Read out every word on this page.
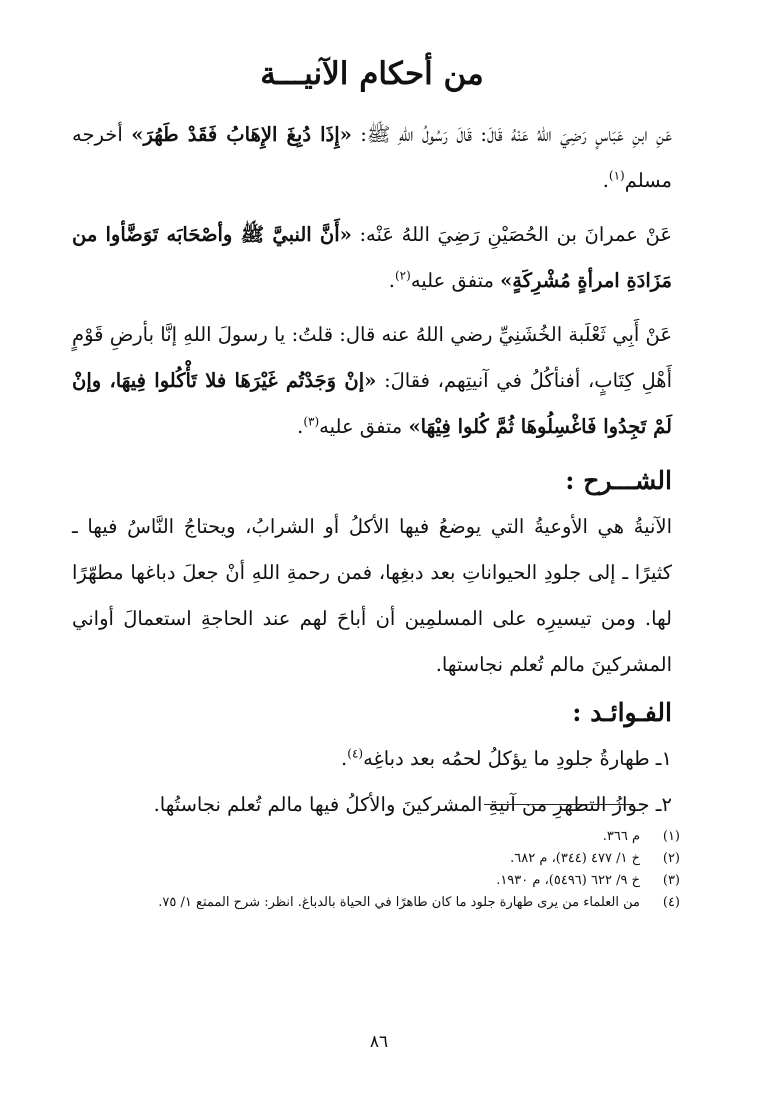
من أحكام الآنيـــة

عَنِ ابنِ عَبَاسٍ رَضِيَ اللهُ عَنْهُ قَالَ: قَالَ رَسُولُ اللهِ ﷺ: «إِذَا دُبِغَ الإِهَابُ فَقَدْ طَهُرَ» أخرجه مسلم$^{(١)}$.

عَنْ عمرانَ بن الحُصَيْنِ رَضِيَ اللهُ عَنْه: «أَنَّ النبيَّ ﷺ وأصْحَابَه تَوَضَّأوا من مَزَادَةِ امرأةٍ مُشْرِكَةٍ» متفق عليه$^{(٢)}$.

عَنْ أَبِي ثَعْلَبة الخُشَنِيِّ رضي اللهُ عنه قال: قلتُ: يا رسولَ اللهِ إنَّا بأرضِ قَوْمٍ أَهْلِ كِتَابٍ، أفنأكُلُ في آنيتِهم، فقالَ: «إنْ وَجَدْتُم غَيْرَهَا فلا تَأْكُلوا فِيهَا، وإنْ لَمْ تَجِدُوا فَاغْسِلُوهَا ثُمَّ كُلوا فِيْهَا» متفق عليه$^{(٣)}$.

الشـــرح :

الآنيةُ هي الأوعيةُ التي يوضعُ فيها الأكلُ أو الشرابُ، ويحتاجُ النَّاسُ فيها ـ كثيرًا ـ إلى جلودِ الحيواناتِ بعد دبغِها، فمن رحمةِ اللهِ أنْ جعلَ دباغها مطهّرًا لها. ومن تيسيرِه على المسلمِين أن أباحَ لهم عند الحاجةِ استعمالَ أواني المشركينَ مالم تُعلم نجاستها.

الفـوائـد :
١ـ طهارةُ جلودِ ما يؤكلُ لحمُه بعد دباغِه$^{(٤)}$.
٢ـ جوازُ التطهرِ من آنيةِ المشركينَ والأكلُ فيها مالم تُعلم نجاستُها.
(١)م ٣٦٦.
(٢)خ ١/ ٤٧٧ (٣٤٤)، م ٦٨٢.
(٣)خ ٩/ ٦٢٢ (٥٤٩٦)، م ١٩٣٠.
(٤)من العلماء من يرى طهارة جلود ما كان طاهرًا في الحياة بالدباغ. انظر: شرح الممتع ١/ ٧٥.
٨٦
